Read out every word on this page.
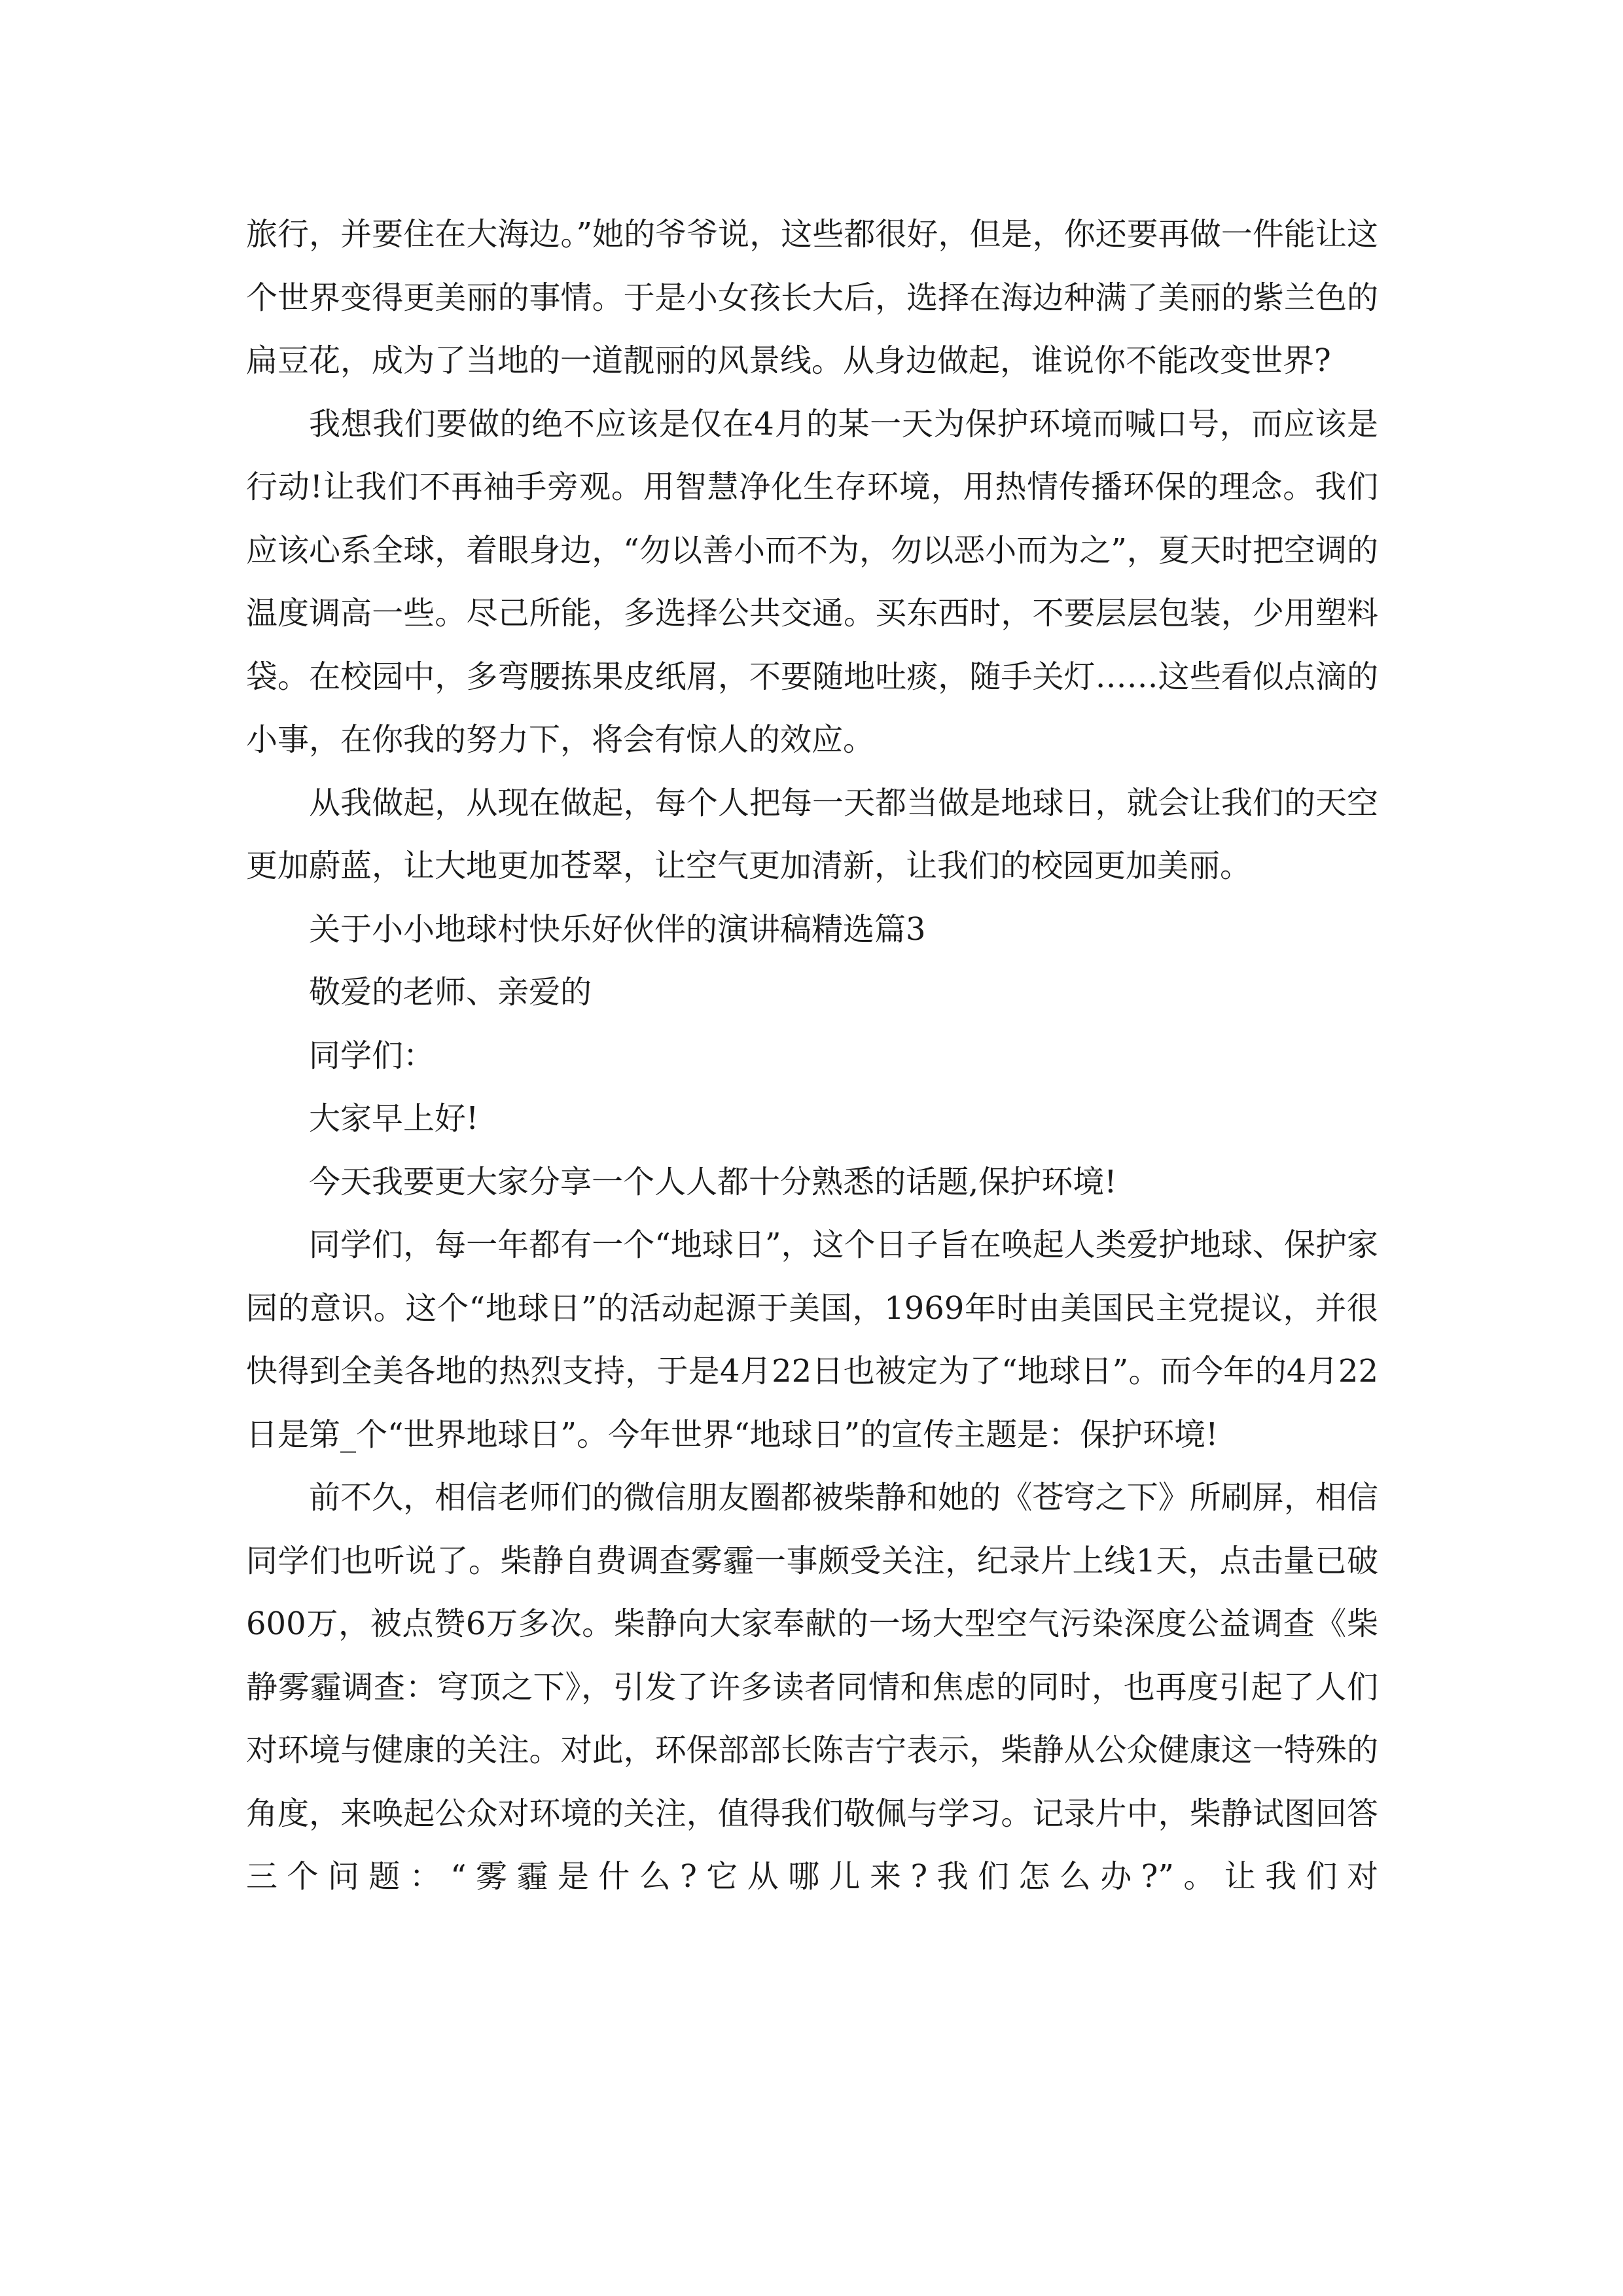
旅行，并要住在大海边。”她的爷爷说，这些都很好，但是，你还要再做一件能让这个世界变得更美丽的事情。于是小女孩长大后，选择在海边种满了美丽的紫兰色的扁豆花，成为了当地的一道靓丽的风景线。从身边做起，谁说你不能改变世界?

我想我们要做的绝不应该是仅在4月的某一天为保护环境而喊口号，而应该是行动!让我们不再袖手旁观。用智慧净化生存环境，用热情传播环保的理念。我们应该心系全球，着眼身边，“勿以善小而不为，勿以恶小而为之”，夏天时把空调的温度调高一些。尽己所能，多选择公共交通。买东西时，不要层层包装，少用塑料袋。在校园中，多弯腰拣果皮纸屑，不要随地吐痰，随手关灯……这些看似点滴的小事，在你我的努力下，将会有惊人的效应。

从我做起，从现在做起，每个人把每一天都当做是地球日，就会让我们的天空更加蔚蓝，让大地更加苍翠，让空气更加清新，让我们的校园更加美丽。

关于小小地球村快乐好伙伴的演讲稿精选篇3

敬爱的老师、亲爱的

同学们：

大家早上好!

今天我要更大家分享一个人人都十分熟悉的话题,保护环境!

同学们，每一年都有一个“地球日”，这个日子旨在唤起人类爱护地球、保护家园的意识。这个“地球日”的活动起源于美国，1969年时由美国民主党提议，并很快得到全美各地的热烈支持，于是4月22日也被定为了“地球日”。而今年的4月22日是第_个“世界地球日”。今年世界“地球日”的宣传主题是：保护环境!

前不久，相信老师们的微信朋友圈都被柴静和她的《苍穹之下》所刷屏，相信同学们也听说了。柴静自费调查雾霾一事颇受关注，纪录片上线1天，点击量已破600万，被点赞6万多次。柴静向大家奉献的一场大型空气污染深度公益调查《柴静雾霾调查：穹顶之下》，引发了许多读者同情和焦虑的同时，也再度引起了人们对环境与健康的关注。对此，环保部部长陈吉宁表示，柴静从公众健康这一特殊的角度，来唤起公众对环境的关注，值得我们敬佩与学习。记录片中，柴静试图回答三个问题：“雾霾是什么?它从哪儿来?我们怎么办?”。让我们对
